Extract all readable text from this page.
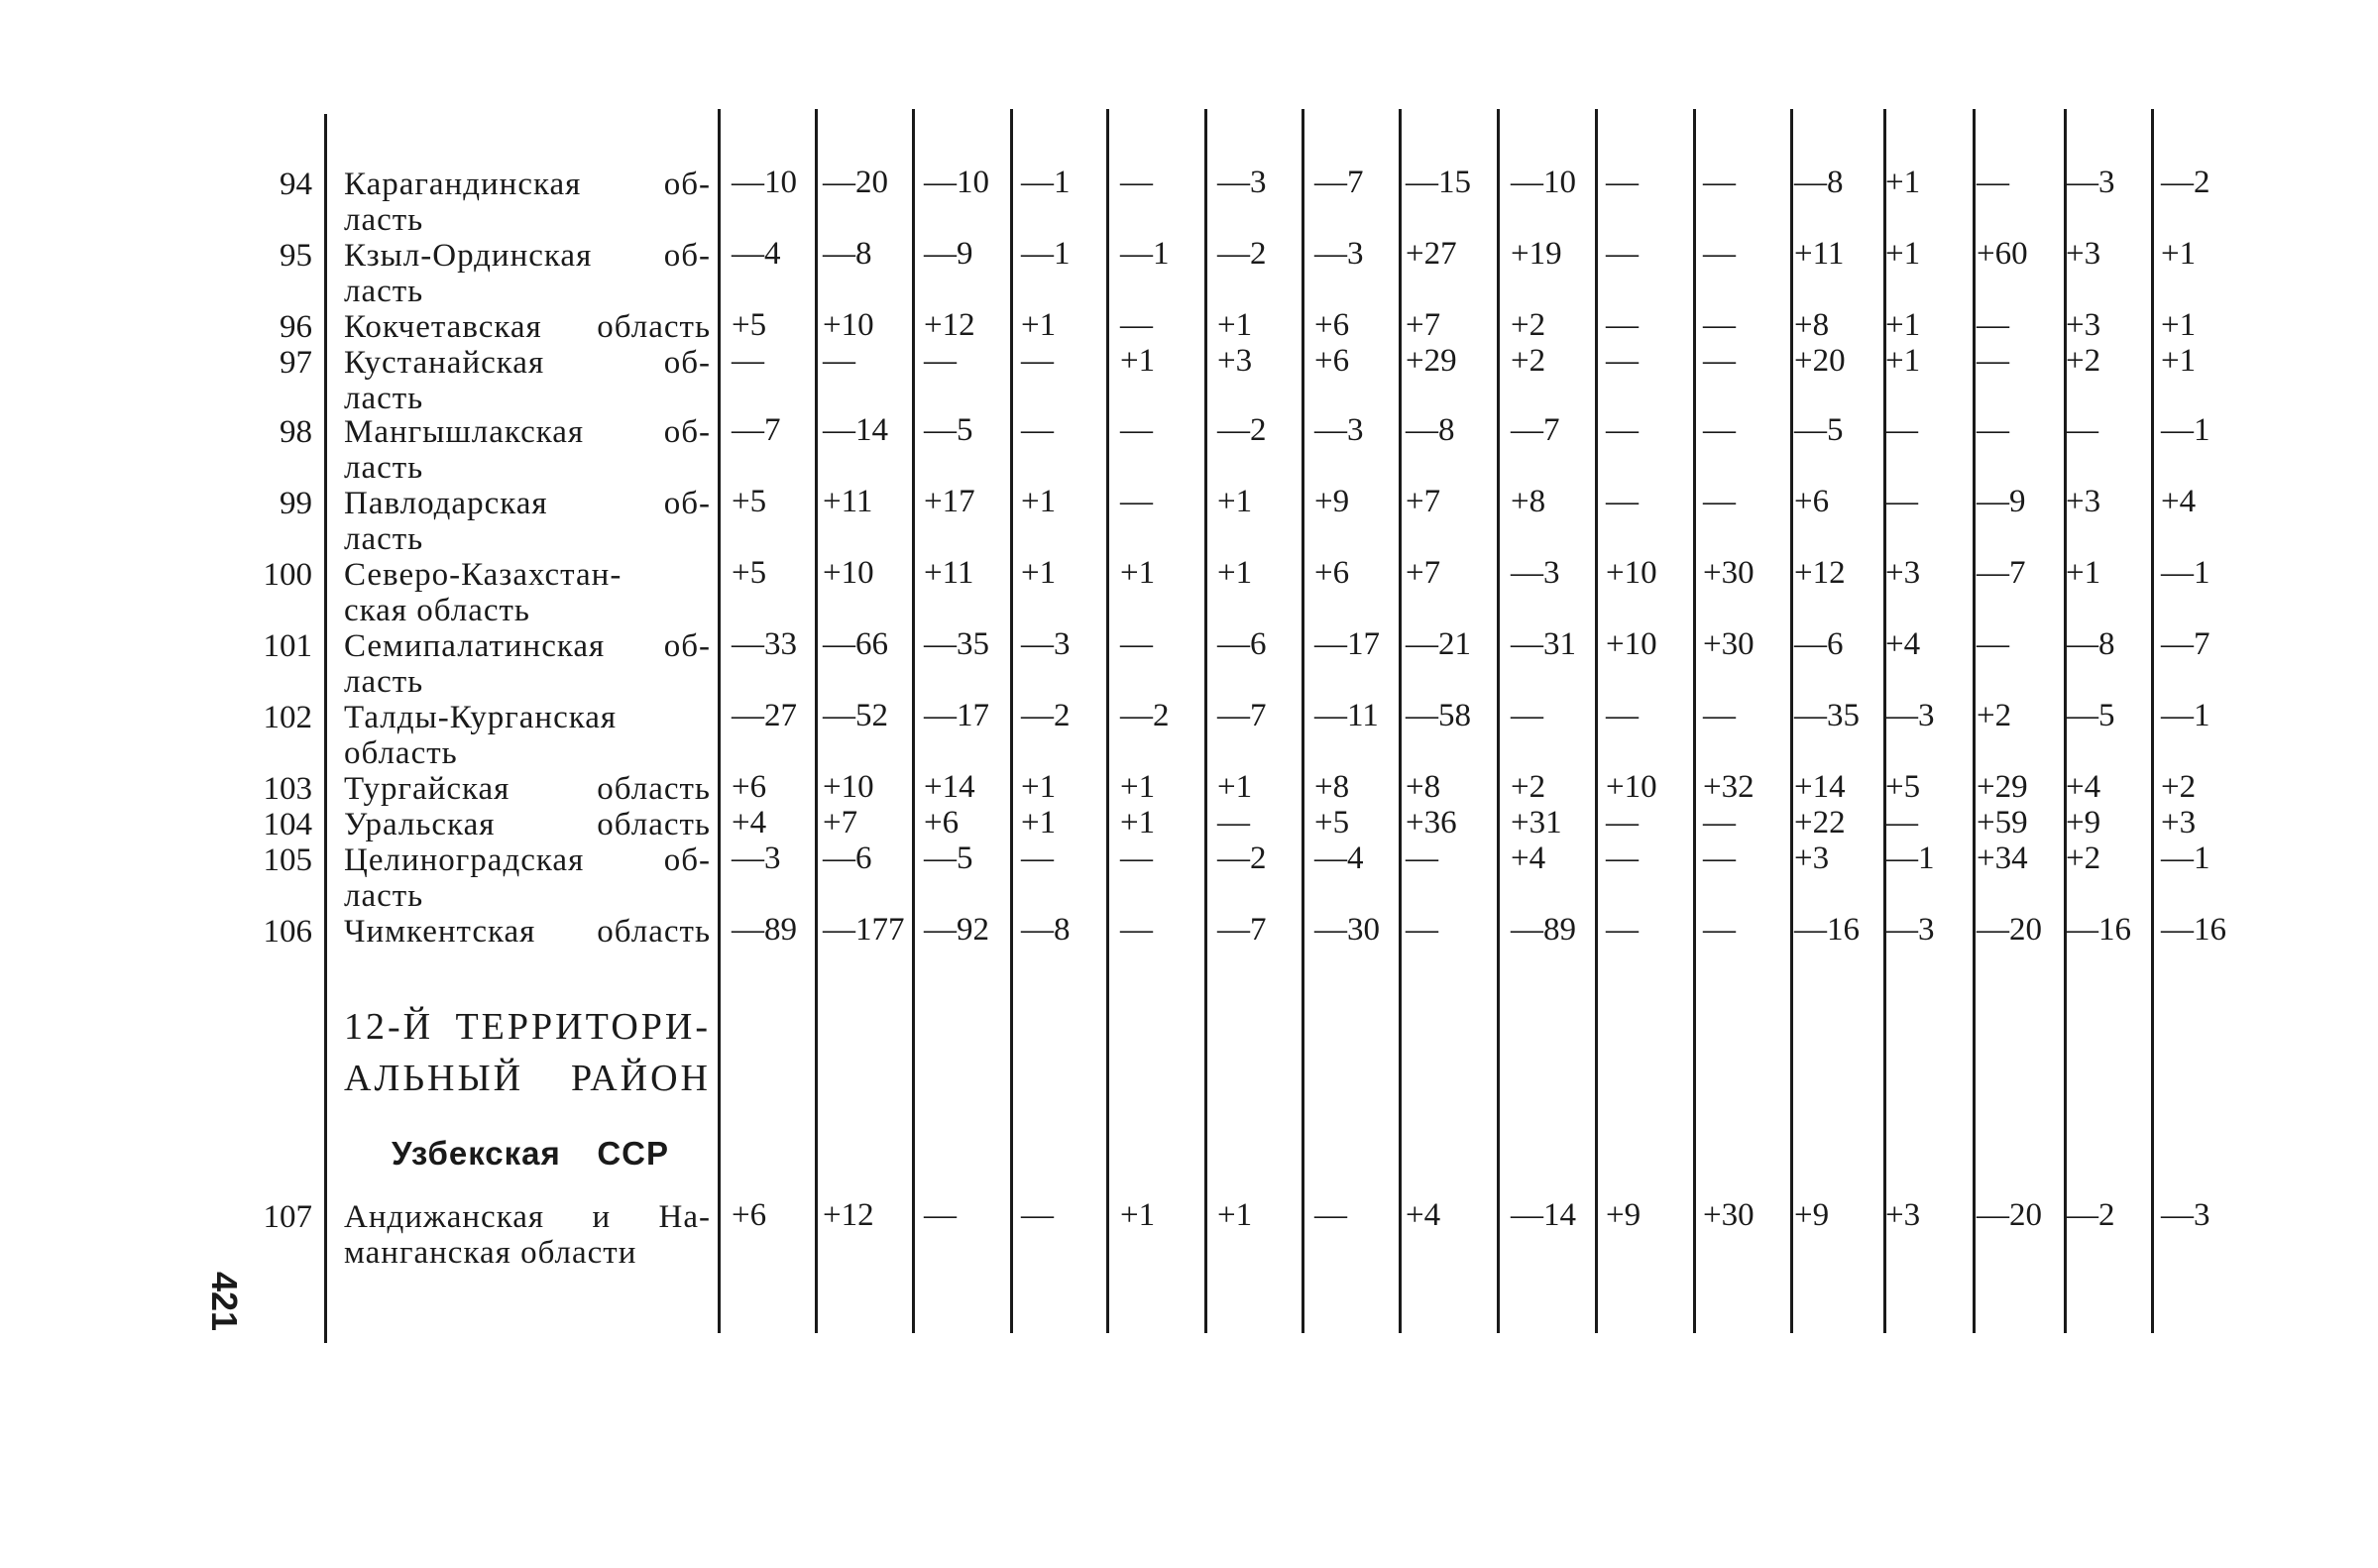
94 Карагандинская об-
ласть
—10 —20 —10 —1 — —3 —7 —15 —10 — — —8 +1 — —3 —2
95 Кзыл-Ординская об-
ласть
—4 —8 —9 —1 —1 —2 —3 +27 +19 — — +11 +1 +60 +3 +1
96 Кокчетавская область +5 +10 +12 +1 — +1 +6 +7 +2 — — +8 +1 — +3 +1
97 Кустанайская об-
ласть
— — — — +1 +3 +6 +29 +2 — — +20 +1 — +2 +1
98 Мангышлакская об-
ласть
—7 —14 —5 — — —2 —3 —8 —7 — — —5 — — — —1
99 Павлодарская об-
ласть
+5 +11 +17 +1 — +1 +9 +7 +8 — — +6 — —9 +3 +4
100 Северо-Казахстан-
ская область
+5 +10 +11 +1 +1 +1 +6 +7 —3 +10 +30 +12 +3 —7 +1 —1
101 Семипалатинская об-
ласть
—33 —66 —35 —3 — —6 —17 —21 —31 +10 +30 —6 +4 — —8 —7
102 Талды-Курганская
область
—27 —52 —17 —2 —2 —7 —11 —58 — — — —35 —3 +2 —5 —1
103 Тургайская область +6 +10 +14 +1 +1 +1 +8 +8 +2 +10 +32 +14 +5 +29 +4 +2
104 Уральская область +4 +7 +6 +1 +1 — +5 +36 +31 — — +22 — +59 +9 +3
105 Целиноградская об-
ласть
—3 —6 —5 — — —2 —4 — +4 — — +3 —1 +34 +2 —1
106 Чимкентская область —89 —177 —92 —8 — —7 —30 — —89 — — —16 —3 —20 —16 —16
107 Андижанская и На-
манганская области
+6 +12 — — +1 +1 — +4 —14 +9 +30 +9 +3 —20 —2 —3
12-Й ТЕРРИТОРИ-
АЛЬНЫЙ РАЙОН
Узбекская ССР
421
